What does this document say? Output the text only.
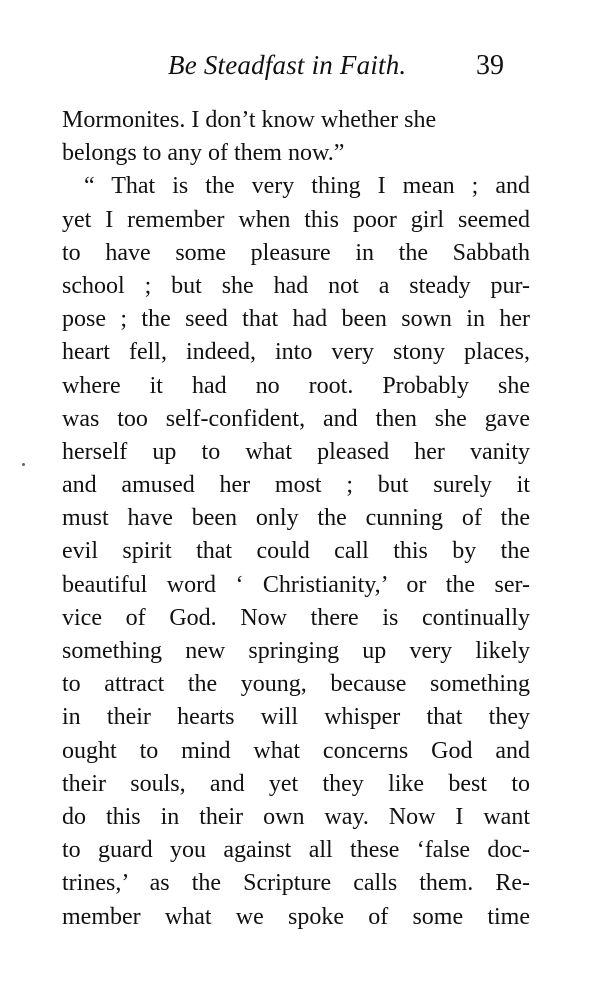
Be Steadfast in Faith. 39
Mormonites. I don’t know whether she
belongs to any of them now.”
“ That is the very thing I mean ; and
yet I remember when this poor girl seemed
to have some pleasure in the Sabbath
school ; but she had not a steady pur-
pose ; the seed that had been sown in her
heart fell, indeed, into very stony places,
where it had no root. Probably she
was too self-confident, and then she gave
herself up to what pleased her vanity
and amused her most ; but surely it
must have been only the cunning of the
evil spirit that could call this by the
beautiful word ‘ Christianity,’ or the ser-
vice of God. Now there is continually
something new springing up very likely
to attract the young, because something
in their hearts will whisper that they
ought to mind what concerns God and
their souls, and yet they like best to
do this in their own way. Now I want
to guard you against all these ‘false doc-
trines,’ as the Scripture calls them. Re-
member what we spoke of some time
